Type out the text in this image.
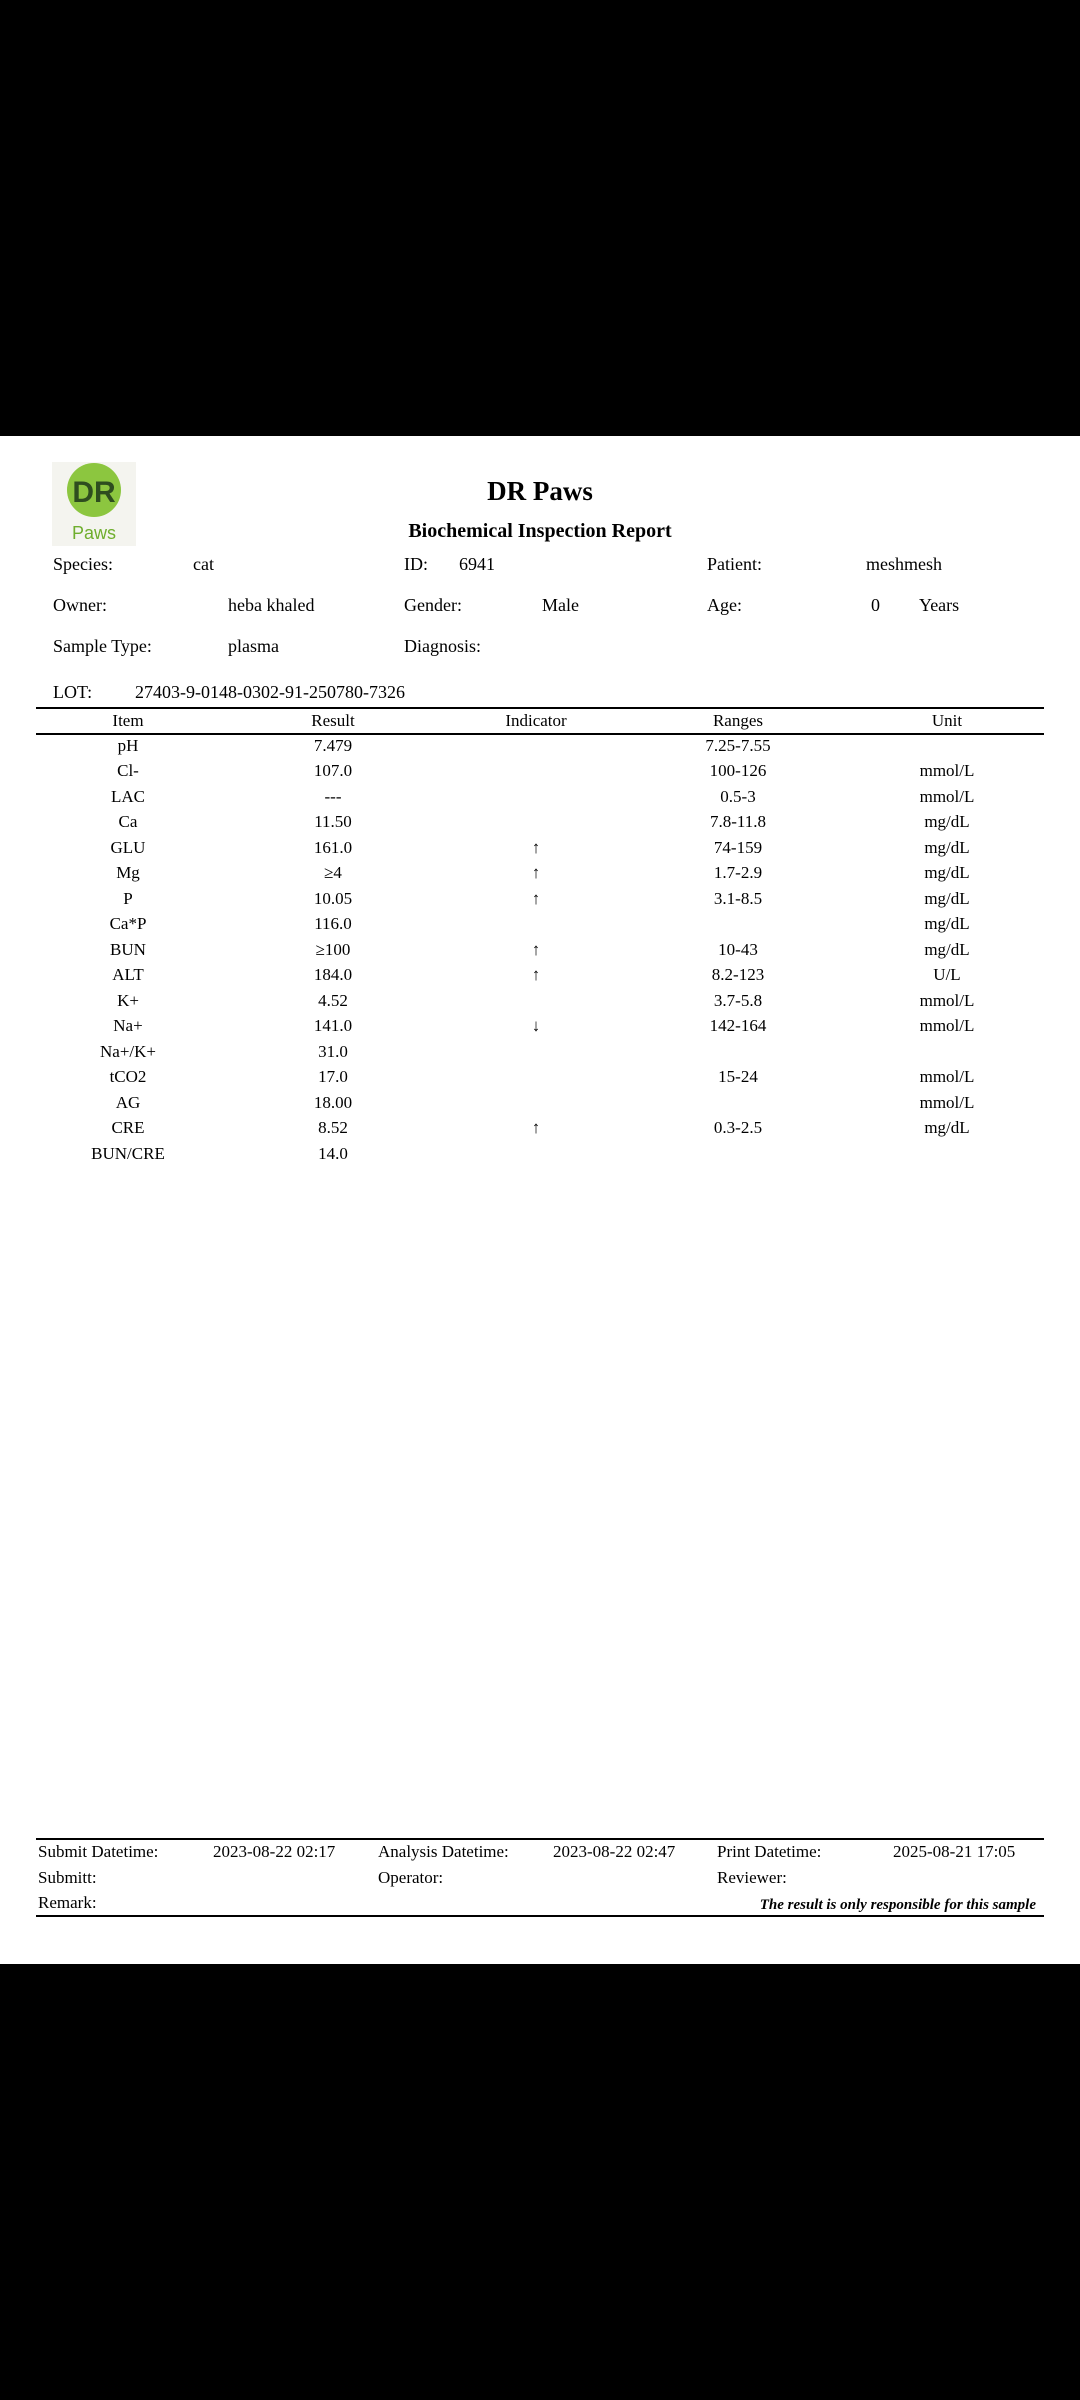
DR
Paws
DR Paws
Biochemical Inspection Report
Species:	cat	ID: 6941	Patient:	meshmesh
Owner:	heba khaled	Gender:	Male	Age:	0 Years
Sample Type:	plasma	Diagnosis:
LOT: 27403-9-0148-0302-91-250780-7326
Item	Result	Indicator	Ranges	Unit
pH	7.479		7.25-7.55	
Cl-	107.0		100-126	mmol/L
LAC	---		0.5-3	mmol/L
Ca	11.50		7.8-11.8	mg/dL
GLU	161.0	↑	74-159	mg/dL
Mg	≥4	↑	1.7-2.9	mg/dL
P	10.05	↑	3.1-8.5	mg/dL
Ca*P	116.0			mg/dL
BUN	≥100	↑	10-43	mg/dL
ALT	184.0	↑	8.2-123	U/L
K+	4.52		3.7-5.8	mmol/L
Na+	141.0	↓	142-164	mmol/L
Na+/K+	31.0			
tCO2	17.0		15-24	mmol/L
AG	18.00			mmol/L
CRE	8.52	↑	0.3-2.5	mg/dL
BUN/CRE	14.0			
Submit Datetime:	2023-08-22 02:17	Analysis Datetime:	2023-08-22 02:47 Print Datetime:	2025-08-21 17:05
Submitt:	Operator:	Reviewer:
Remark:	The result is only responsible for this sample
